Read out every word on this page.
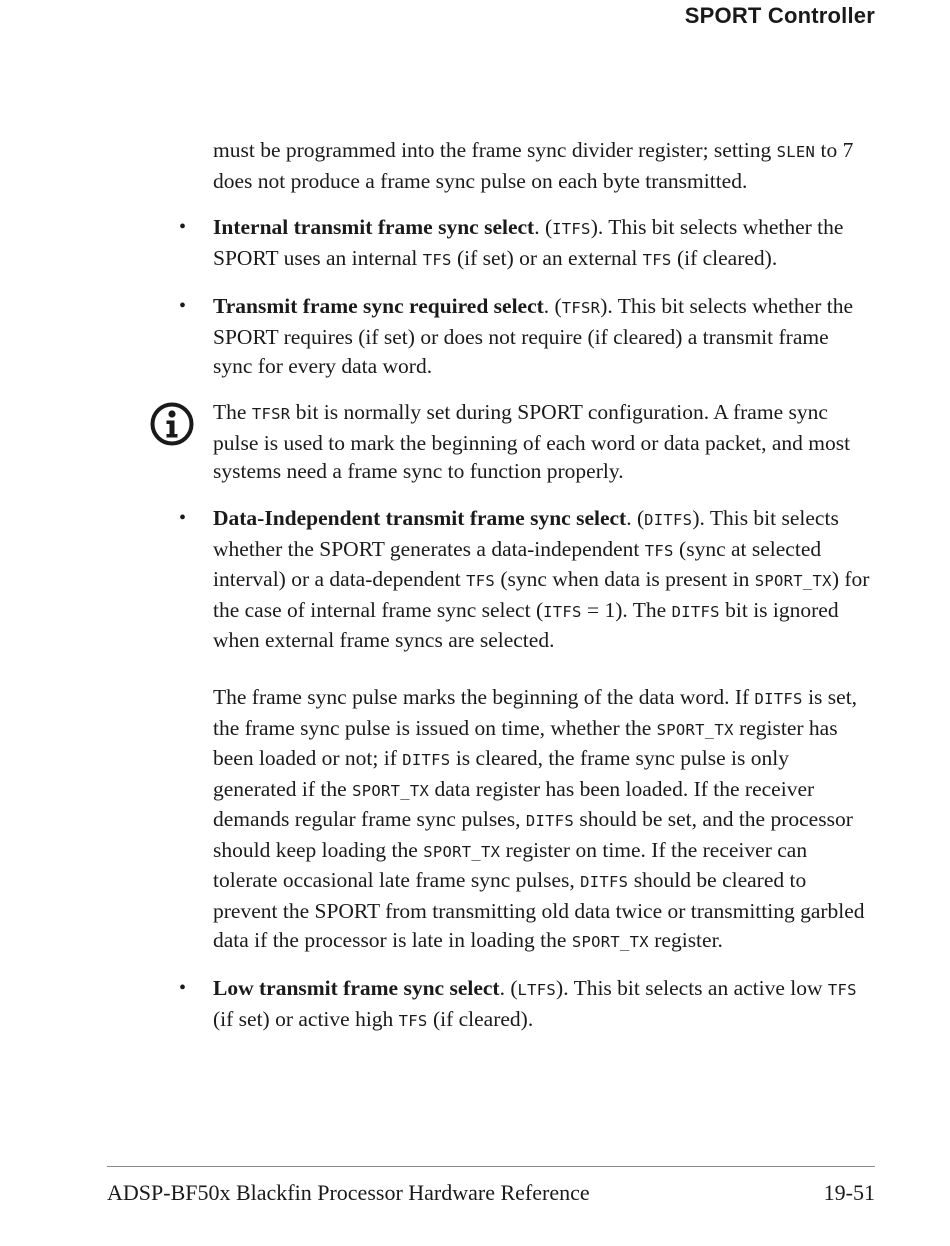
SPORT Controller

must be programmed into the frame sync divider register; setting SLEN to 7 does not produce a frame sync pulse on each byte transmitted.

• Internal transmit frame sync select. (ITFS). This bit selects whether the SPORT uses an internal TFS (if set) or an external TFS (if cleared).

• Transmit frame sync required select. (TFSR). This bit selects whether the SPORT requires (if set) or does not require (if cleared) a transmit frame sync for every data word.

The TFSR bit is normally set during SPORT configuration. A frame sync pulse is used to mark the beginning of each word or data packet, and most systems need a frame sync to function properly.

• Data-Independent transmit frame sync select. (DITFS). This bit selects whether the SPORT generates a data-independent TFS (sync at selected interval) or a data-dependent TFS (sync when data is present in SPORT_TX) for the case of internal frame sync select (ITFS = 1). The DITFS bit is ignored when external frame syncs are selected.

The frame sync pulse marks the beginning of the data word. If DITFS is set, the frame sync pulse is issued on time, whether the SPORT_TX register has been loaded or not; if DITFS is cleared, the frame sync pulse is only generated if the SPORT_TX data register has been loaded. If the receiver demands regular frame sync pulses, DITFS should be set, and the processor should keep loading the SPORT_TX register on time. If the receiver can tolerate occasional late frame sync pulses, DITFS should be cleared to prevent the SPORT from transmitting old data twice or transmitting garbled data if the processor is late in loading the SPORT_TX register.

• Low transmit frame sync select. (LTFS). This bit selects an active low TFS (if set) or active high TFS (if cleared).

ADSP-BF50x Blackfin Processor Hardware Reference	19-51
